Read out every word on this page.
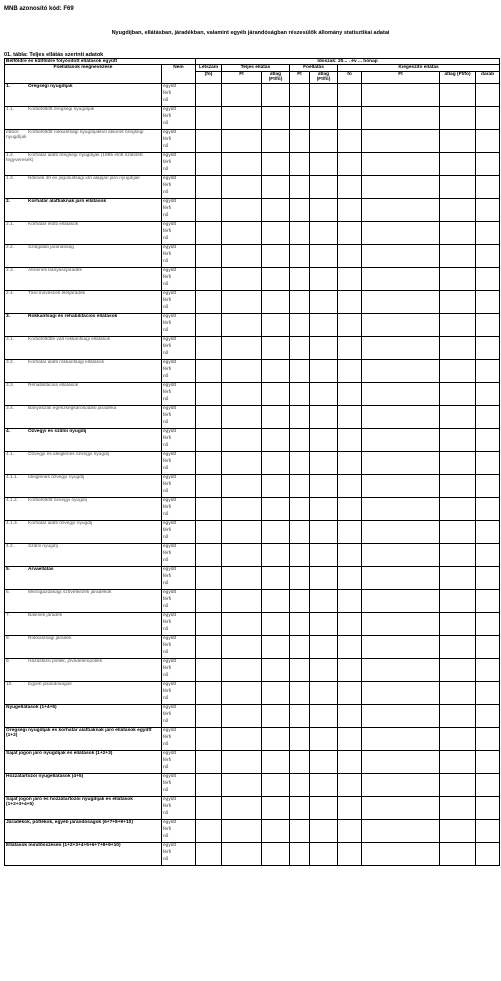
MNB azonosító kód: F69
Nyugdíjban, ellátásban, járadékban, valamint egyéb járandóságban részesülők állomány statisztikai adatai
01. tábla: Teljes ellátás szerinti adatok
Belföldre és külföldre folyósított ellátások együtt		Időszak: 20... . év ... hónap								
Főellátások megnevezése	Nem	Létszám	Teljes ellátás		Főellátás		Kiegészítő ellátás			
		(fő)	Ft	átlag (Ft/fő)	Ft	átlag (Ft/fő)	fő	Ft	átlag (Ft/fő)	darab

1. Öregségi nyugdíjak	együtt
férfi
nő									

1.1. Korbetöltött öregségi nyugdíjak	együtt
férfi
nő									

ebből: Korbetöltött rokkantsági nyugdíjakból átsorolt öregségi nyugdíjak	együtt
férfi
nő									

1.2. Korhatár alatti öregségi nyugdíjak (1965 előtt született fegyveresek)	együtt
férfi
nő									

1.3. Nőknek 40 év jogosultsági idő alapján járó nyugdíjak	együtt
férfi
nő									

2. Korhatár alattiaknak járó ellátások	együtt
férfi
nő									

2.1. Korhatár előtti ellátások	együtt
férfi
nő									

2.2. Szolgálati járandóság	együtt
férfi
nő									

2.3. Átmeneti bányászjáradék	együtt
férfi
nő									

2.4. Táncművészeti életjáradék	együtt
férfi
nő									

3. Rokkantsági és rehabilitációs ellátások	együtt
férfi
nő									

3.1. Korbetöltötté vált rokkantsági ellátások	együtt
férfi
nő									

3.2. Korhatár alatti rokkantsági ellátások	együtt
férfi
nő									

3.3. Rehabilitációs ellátások	együtt
férfi
nő									

3.4. Bányászati egészségkárosodási járadéka	együtt
férfi
nő									

4. Özvegyi és szülői nyugdíj	együtt
férfi
nő									

4.1. Özvegyi és ideiglenes özvegyi nyugdíj	együtt
férfi
nő									

4.1.1. Ideiglenes özvegyi nyugdíj	együtt
férfi
nő									

4.1.2. Korbetöltött özvegyi nyugdíj	együtt
férfi
nő									

4.1.3. Korhatár alatti özvegyi nyugdíj	együtt
férfi
nő									

4.2. Szülői nyugdíj	együtt
férfi
nő									

5. Árvaellátás	együtt
férfi
nő									

6. Mezőgazdasági szövetkezeti járadékok	együtt
férfi
nő									

7. Baleseti járadék	együtt
férfi
nő									

8. Rokkantsági járadék	együtt
férfi
nő									

9. Házastársi pótlék, jövedelempótlék	együtt
férfi
nő									

10. Egyéb járandóságok	együtt
férfi
nő									

Nyugellátások (1+4+5)	együtt
férfi
nő									

Öregségi nyugdíjak és korhatár alattiaknak járó ellátások együtt (1+2)	együtt
férfi
nő									

Saját jogon járó nyugdíjak és ellátások (1+2+3)	együtt
férfi
nő									

Hozzátartozói nyugellátások (4+5)	együtt
férfi
nő									

Saját jogon járó és hozzátartozói nyugdíjak és ellátások (1+2+3+4+5)	együtt
férfi
nő									

Járadékok, pótlékok, egyéb járandóságok (6+7+8+9+10)	együtt
férfi
nő									

Ellátások mindösszesen (1+2+3+4+5+6+7+8+9+10)	együtt
férfi
nő									
